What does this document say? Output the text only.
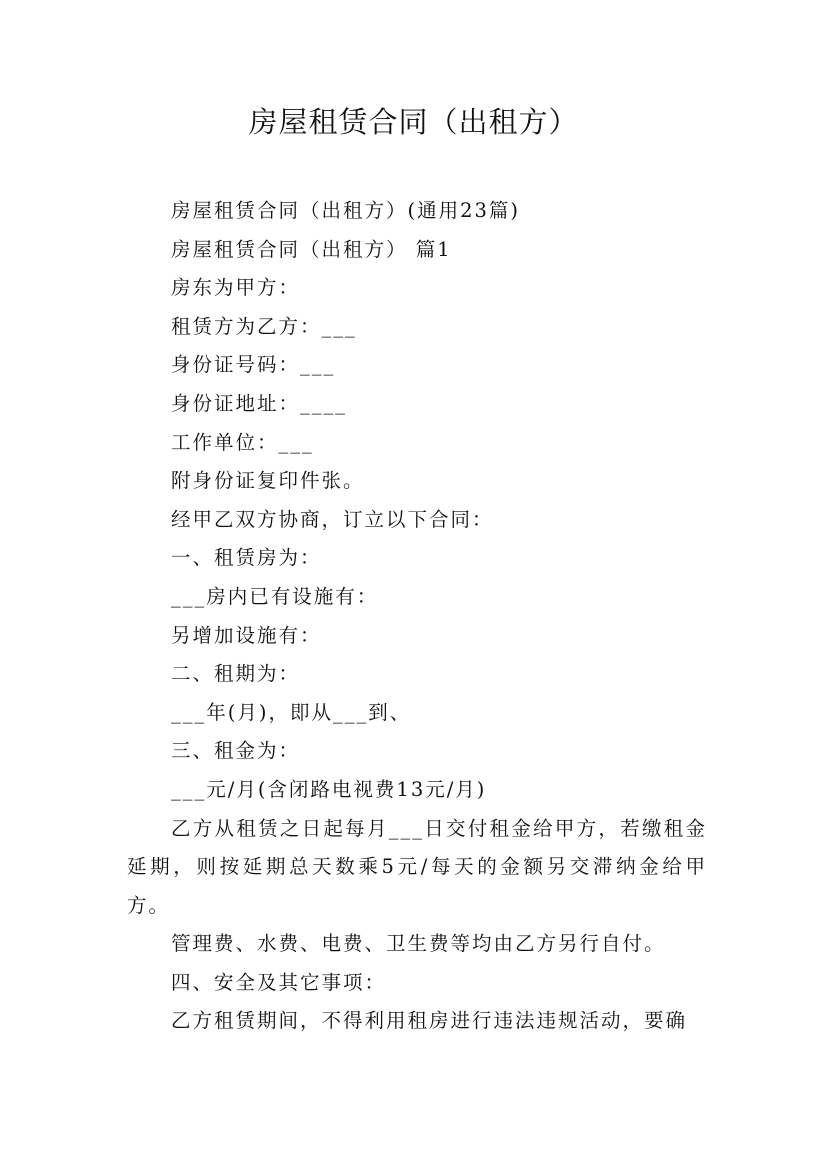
房屋租赁合同（出租方）

房屋租赁合同（出租方）(通用23篇)

房屋租赁合同（出租方） 篇1

房东为甲方：

租赁方为乙方：___

身份证号码：___

身份证地址：____

工作单位：___

附身份证复印件张。

经甲乙双方协商，订立以下合同：

一、租赁房为：

___房内已有设施有：

另增加设施有：

二、租期为：

___年(月)，即从___到、

三、租金为：

___元/月(含闭路电视费13元/月)

乙方从租赁之日起每月___日交付租金给甲方，若缴租金延期，则按延期总天数乘5元/每天的金额另交滞纳金给甲方。

管理费、水费、电费、卫生费等均由乙方另行自付。

四、安全及其它事项：

乙方租赁期间，不得利用租房进行违法违规活动，要确
